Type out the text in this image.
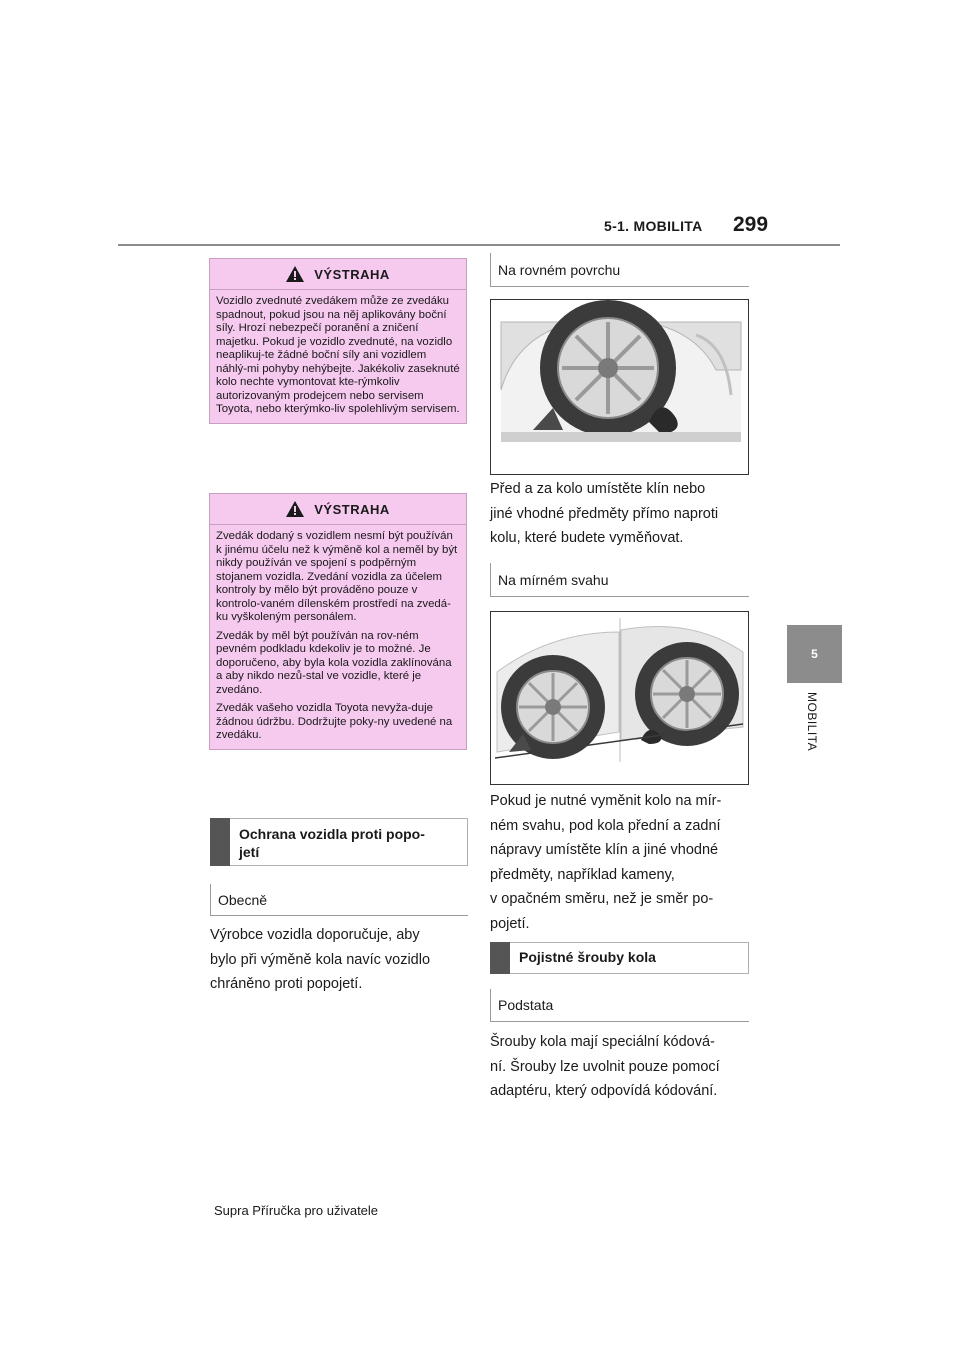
5-1. MOBILITA 299
5
MOBILITA
VÝSTRAHA

Vozidlo zvednuté zvedákem může ze zvedáku spadnout, pokud jsou na něj aplikovány boční síly. Hrozí nebezpečí poranění a zničení majetku. Pokud je vozidlo zvednuté, na vozidlo neaplikuj-te žádné boční síly ani vozidlem náhlý-mi pohyby nehýbejte. Jakékoliv zaseknuté kolo nechte vymontovat kte-rýmkoliv autorizovaným prodejcem nebo servisem Toyota, nebo kterýmko-liv spolehlivým servisem.

VÝSTRAHA

Zvedák dodaný s vozidlem nesmí být používán k jinému účelu než k výměně kol a neměl by být nikdy používán ve spojení s podpěrným stojanem vozidla. Zvedání vozidla za účelem kontroly by mělo být prováděno pouze v kontrolo-vaném dílenském prostředí na zvedá-ku vyškoleným personálem.

Zvedák by měl být používán na rov-ném pevném podkladu kdekoliv je to možné. Je doporučeno, aby byla kola vozidla zaklínována a aby nikdo nezů-stal ve vozidle, které je zvedáno.

Zvedák vašeho vozidla Toyota nevyža-duje žádnou údržbu. Dodržujte poky-ny uvedené na zvedáku.

Ochrana vozidla proti popo-
jetí
Obecně

Výrobce vozidla doporučuje, aby
bylo při výměně kola navíc vozidlo
chráněno proti popojetí.

Na rovném povrchu

Před a za kolo umístěte klín nebo
jiné vhodné předměty přímo naproti
kolu, které budete vyměňovat.

Na mírném svahu

Pokud je nutné vyměnit kolo na mír-
ném svahu, pod kola přední a zadní
nápravy umístěte klín a jiné vhodné
předměty, například kameny,
v opačném směru, než je směr po-
pojetí.

Pojistné šrouby kola
Podstata

Šrouby kola mají speciální kódová-
ní. Šrouby lze uvolnit pouze pomocí
adaptéru, který odpovídá kódování.

Supra Příručka pro uživatele
